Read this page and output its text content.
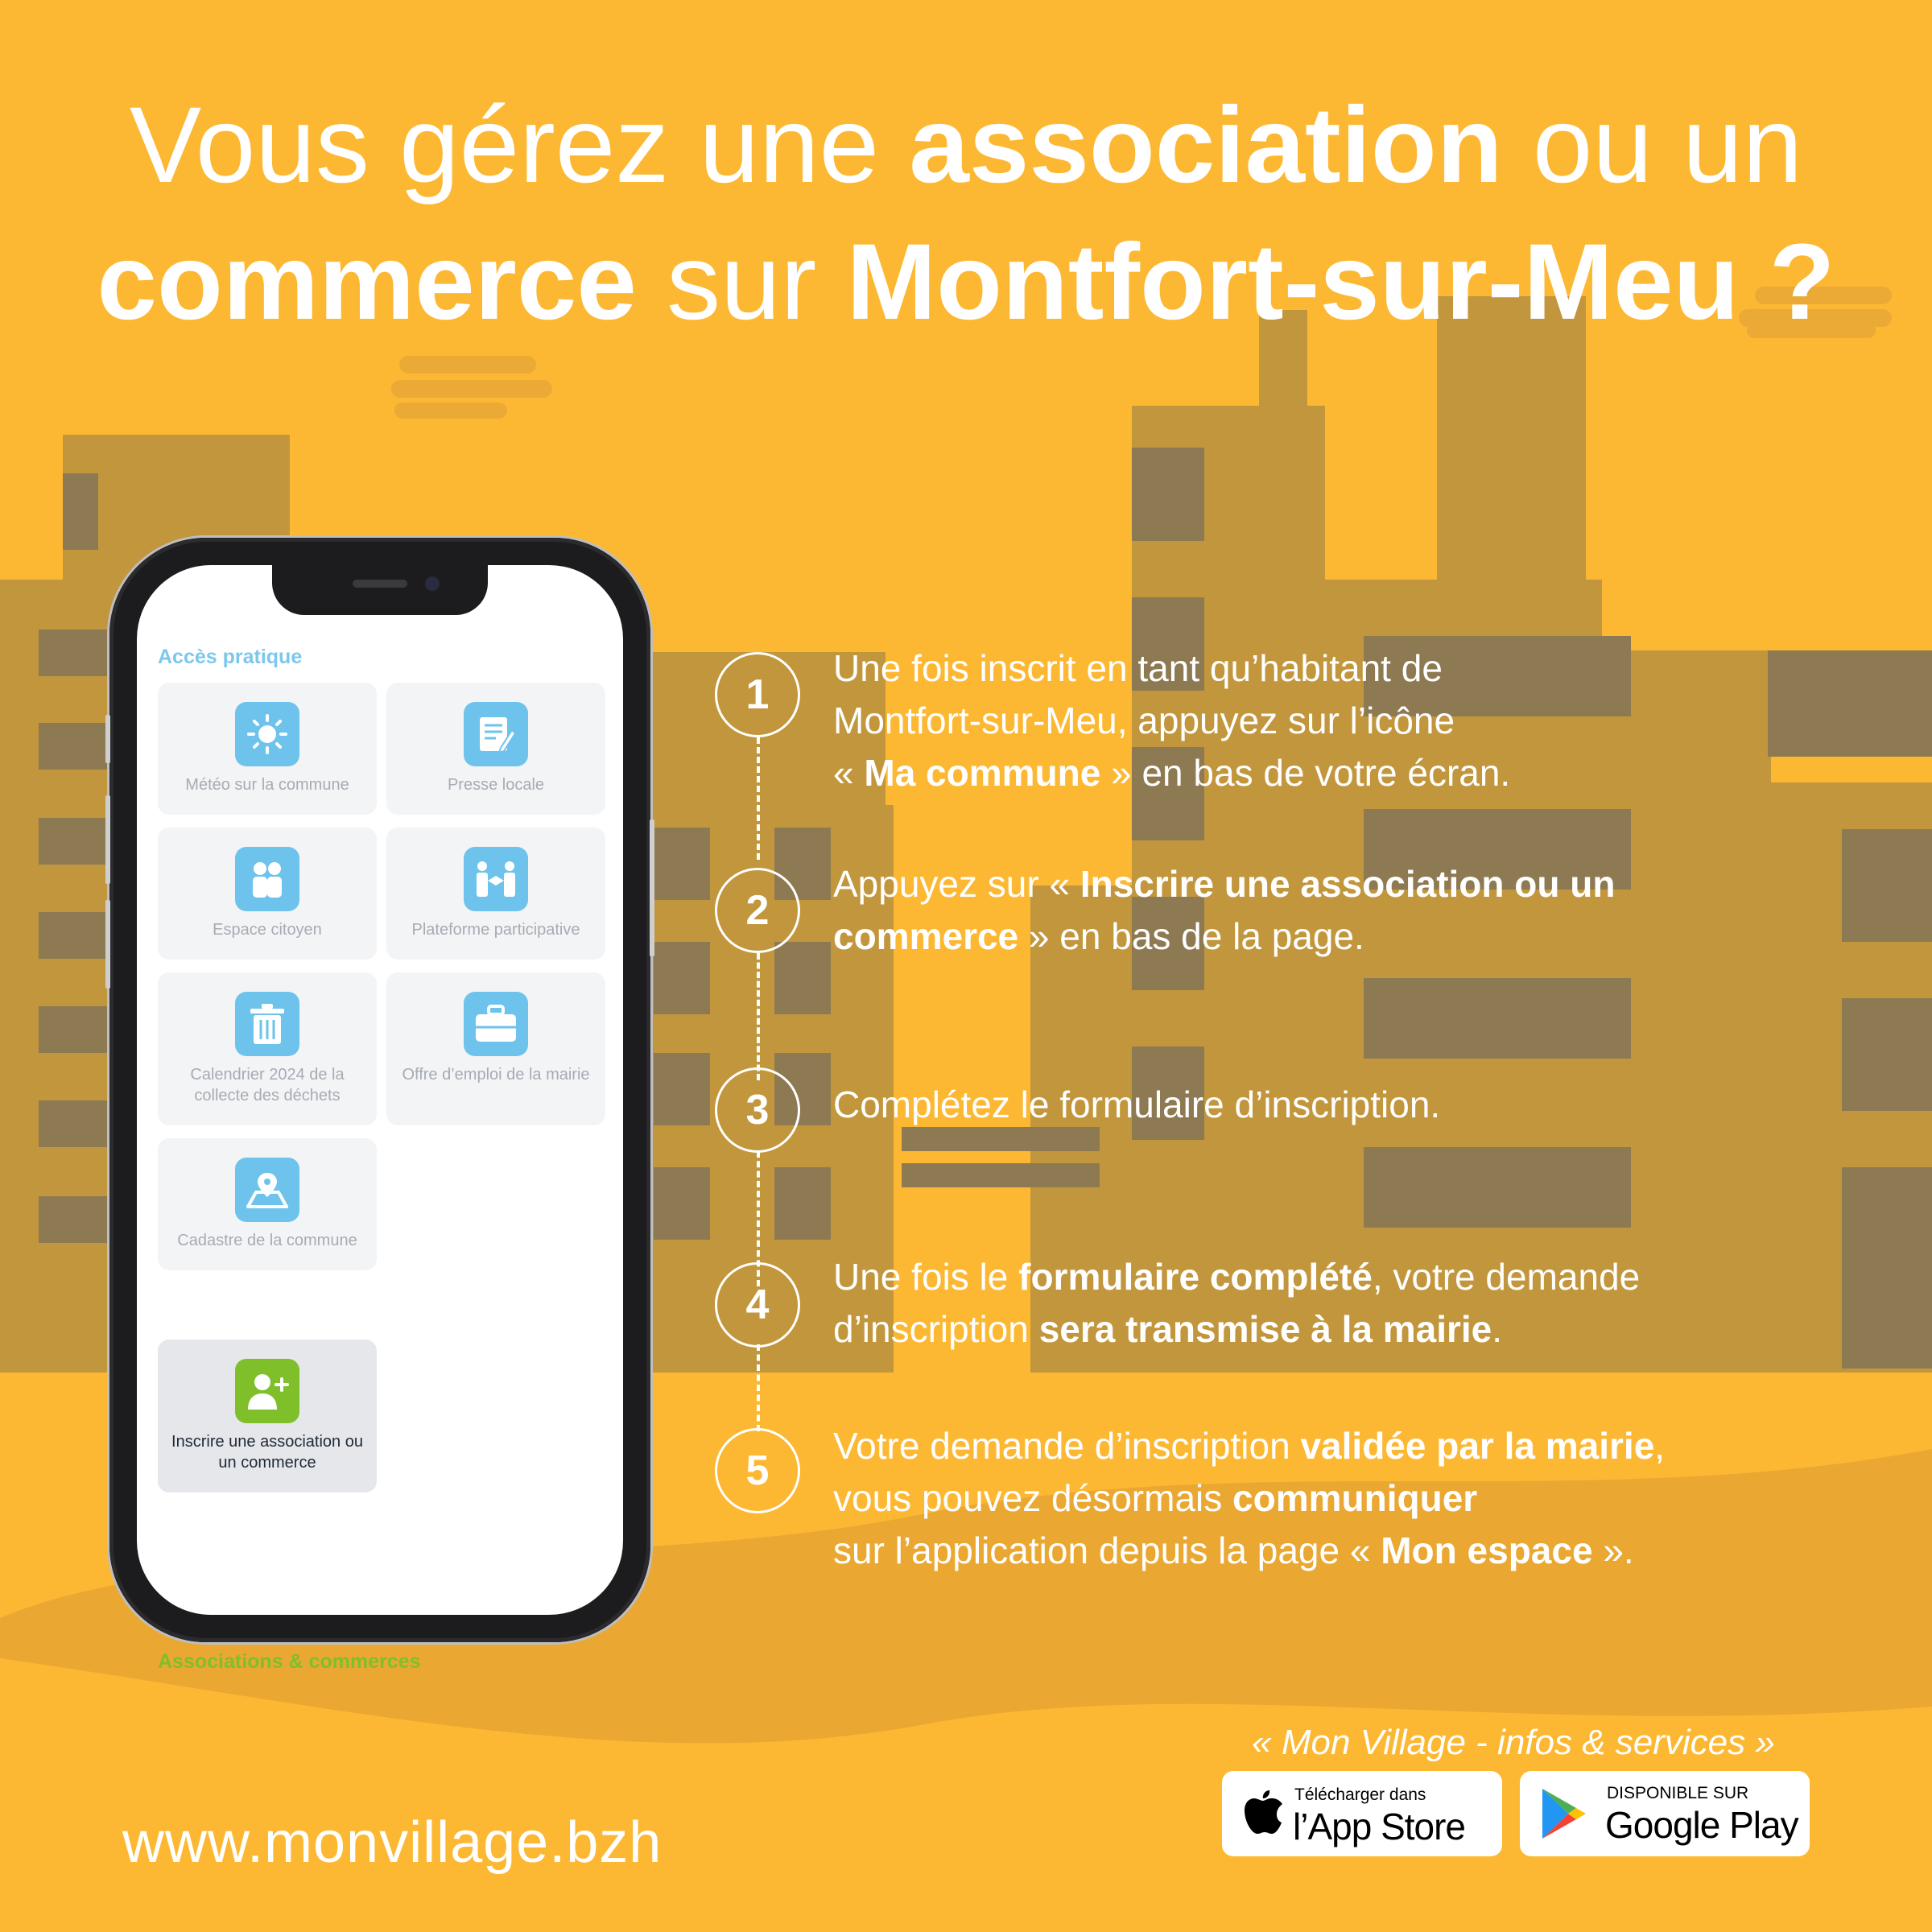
Vous gérez une association ou un
commerce sur Montfort-sur-Meu ?
Accès pratique
Météo sur la commune	Presse locale
Espace citoyen	Plateforme participative
Calendrier 2024 de la collecte des déchets
Offre d’emploi de la mairie
Cadastre de la commune
Associations & commerces
Inscrire une association ou un commerce
1
Une fois inscrit en tant qu’habitant de
Montfort-sur-Meu, appuyez sur l’icône
« Ma commune » en bas de votre écran.
2
Appuyez sur « Inscrire une association ou un
commerce » en bas de la page.
3	Complétez le formulaire d’inscription.
4
Une fois le formulaire complété, votre demande
d’inscription sera transmise à la mairie.
5
Votre demande d’inscription validée par la mairie,
vous pouvez désormais communiquer
sur l’application depuis la page « Mon espace ».
www.monvillage.bzh
« Mon Village - infos & services »
Télécharger dans
l’App Store
DISPONIBLE SUR
Google Play
